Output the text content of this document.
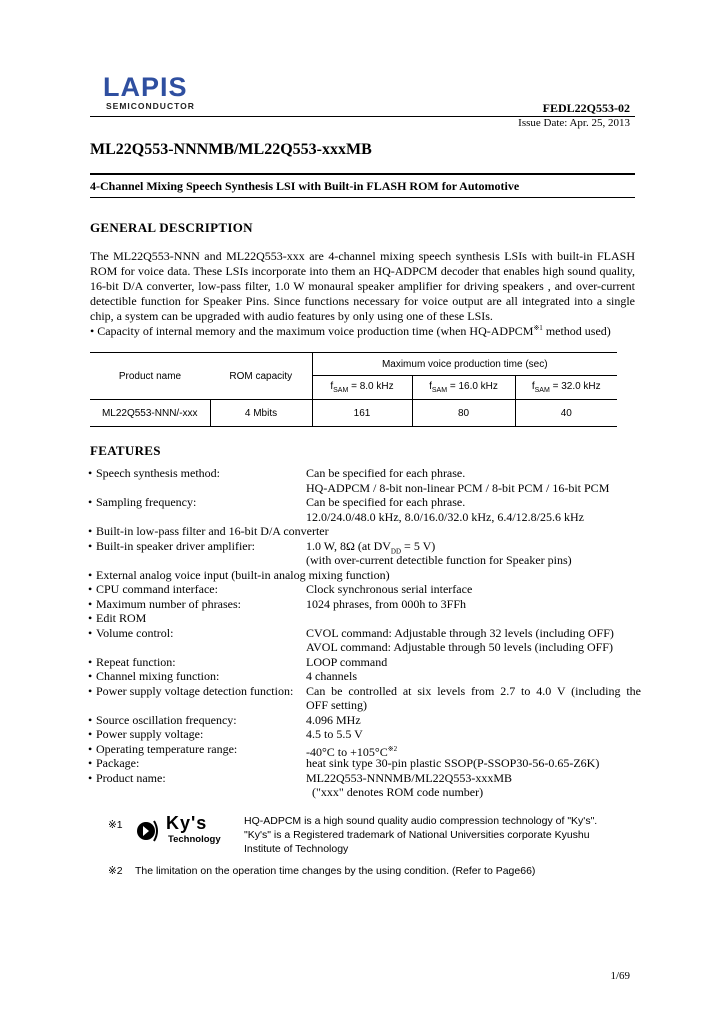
LAPIS
SEMICONDUCTOR	FEDL22Q553-02
Issue Date: Apr. 25, 2013
ML22Q553-NNNMB/ML22Q553-xxxMB
4-Channel Mixing Speech Synthesis LSI with Built-in FLASH ROM for Automotive
GENERAL DESCRIPTION

The ML22Q553-NNN and ML22Q553-xxx are 4-channel mixing speech synthesis LSIs with built-in FLASH ROM for voice data. These LSIs incorporate into them an HQ-ADPCM decoder that enables high sound quality, 16-bit D/A converter, low-pass filter, 1.0 W monaural speaker amplifier for driving speakers , and over-current detectible function for Speaker Pins. Since functions necessary for voice output are all integrated into a single chip, a system can be upgraded with audio features by only using one of these LSIs.

• Capacity of internal memory and the maximum voice production time (when HQ-ADPCM$^{※1}$ method used)
Product name	ROM capacity	Maximum voice production time (sec)		
		$f_{SAM} = 8.0$ kHz	$f_{SAM} = 16.0$ kHz	$f_{SAM} = 32.0$ kHz
ML22Q553-NNN/-xxx	4 Mbits	161	80	40
FEATURES
• Speech synthesis method:	Can be specified for each phrase.
HQ-ADPCM / 8-bit non-linear PCM / 8-bit PCM / 16-bit PCM
• Sampling frequency:	Can be specified for each phrase.
12.0/24.0/48.0 kHz, 8.0/16.0/32.0 kHz, 6.4/12.8/25.6 kHz
• Built-in low-pass filter and 16-bit D/A converter
• Built-in speaker driver amplifier:	1.0 W, 8Ω (at $DV_{DD} = 5$ V)
(with over-current detectible function for Speaker pins)
• External analog voice input (built-in analog mixing function)
• CPU command interface:	Clock synchronous serial interface
• Maximum number of phrases:	1024 phrases, from 000h to 3FFh
• Edit ROM
• Volume control:	CVOL command: Adjustable through 32 levels (including OFF)
AVOL command: Adjustable through 50 levels (including OFF)
• Repeat function:	LOOP command
• Channel mixing function:	4 channels
• Power supply voltage detection function:	Can be controlled at six levels from 2.7 to 4.0 V (including the
OFF setting)
• Source oscillation frequency:	4.096 MHz
• Power supply voltage:	4.5 to 5.5 V
• Operating temperature range:	-40°C to $+105^\circ C^{※2}$
• Package:	heat sink type 30-pin plastic SSOP(P-SSOP30-56-0.65-Z6K)
• Product name:	ML22Q553-NNNMB/ML22Q553-xxxMB
("xxx" denotes ROM code number)
※1 Ky's
Technology
HQ-ADPCM is a high sound quality audio compression technology of "Ky's".
"Ky's" is a Registered trademark of National Universities corporate Kyushu
Institute of Technology
※2 The limitation on the operation time changes by the using condition. (Refer to Page66)
1/69
